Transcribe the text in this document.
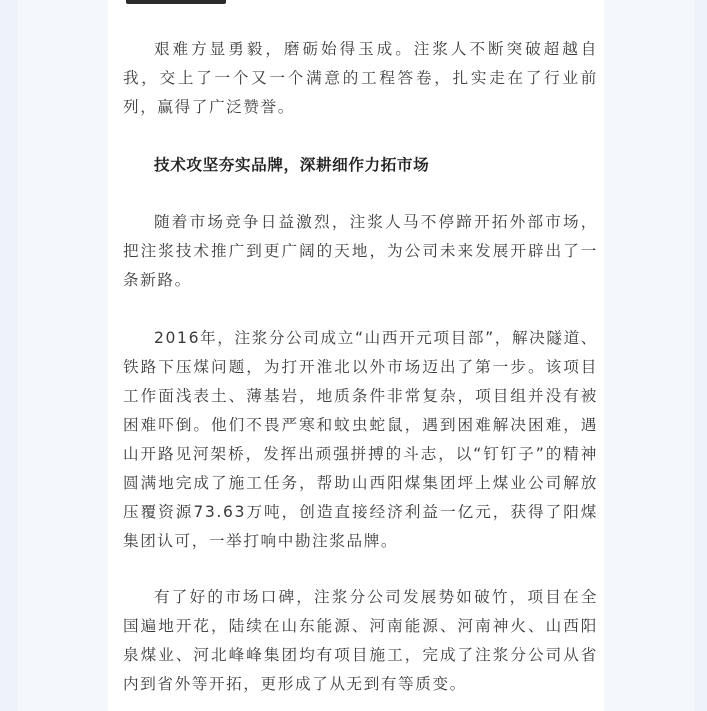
艰难方显勇毅，磨砺始得玉成。注浆人不断突破超越自我，交上了一个又一个满意的工程答卷，扎实走在了行业前列，赢得了广泛赞誉。

技术攻坚夯实品牌，深耕细作力拓市场

随着市场竞争日益激烈，注浆人马不停蹄开拓外部市场，把注浆技术推广到更广阔的天地，为公司未来发展开辟出了一条新路。

2016年，注浆分公司成立“山西开元项目部”，解决隧道、铁路下压煤问题，为打开淮北以外市场迈出了第一步。该项目工作面浅表土、薄基岩，地质条件非常复杂，项目组并没有被困难吓倒。他们不畏严寒和蚊虫蛇鼠，遇到困难解决困难，遇山开路见河架桥，发挥出顽强拼搏的斗志，以“钉钉子”的精神圆满地完成了施工任务，帮助山西阳煤集团坪上煤业公司解放压覆资源73.63万吨，创造直接经济利益一亿元，获得了阳煤集团认可，一举打响中勘注浆品牌。

有了好的市场口碑，注浆分公司发展势如破竹，项目在全国遍地开花，陆续在山东能源、河南能源、河南神火、山西阳泉煤业、河北峰峰集团均有项目施工，完成了注浆分公司从省内到省外等开拓，更形成了从无到有等质变。
